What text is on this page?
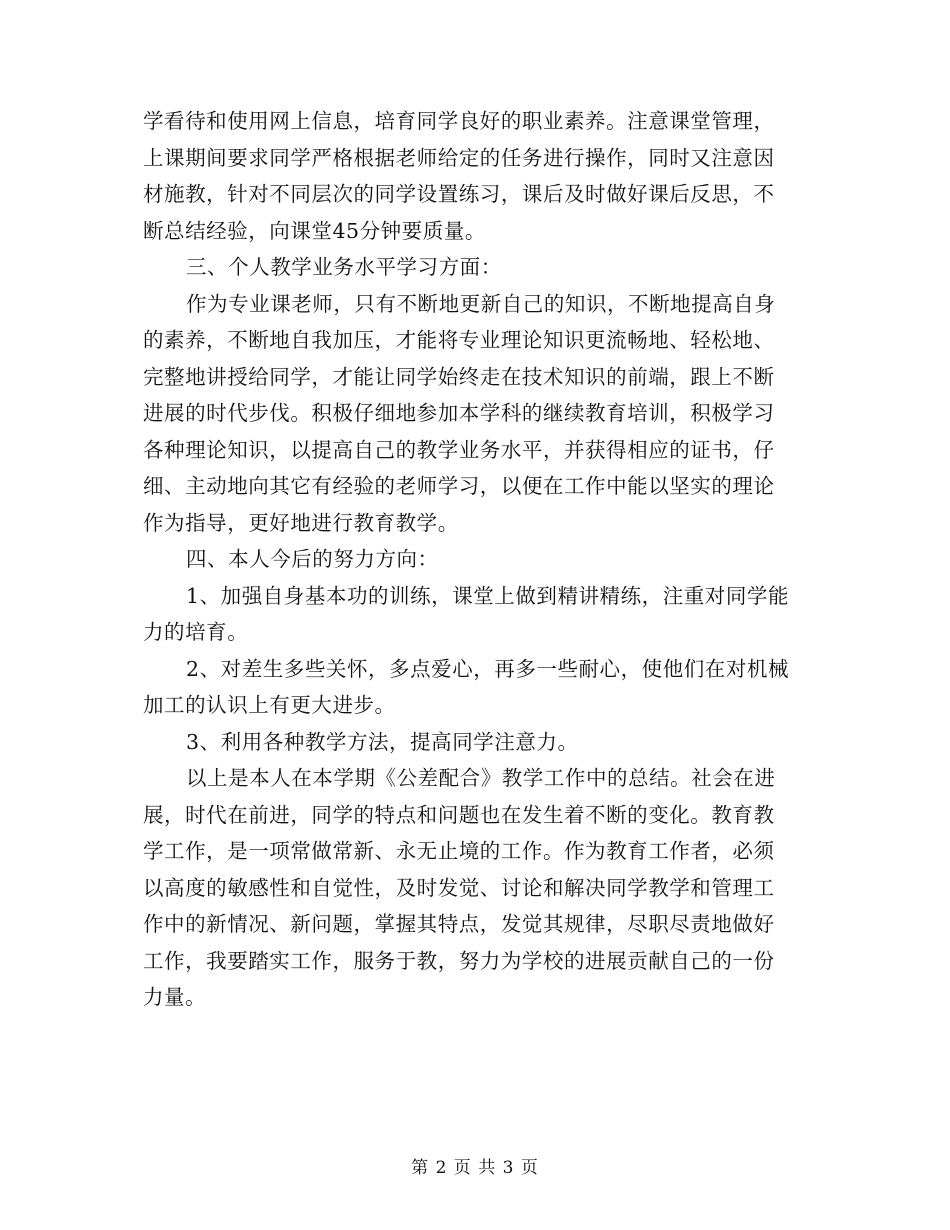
学看待和使用网上信息，培育同学良好的职业素养。注意课堂管理，
上课期间要求同学严格根据老师给定的任务进行操作，同时又注意因
材施教，针对不同层次的同学设置练习，课后及时做好课后反思，不
断总结经验，向课堂45分钟要质量。
三、个人教学业务水平学习方面：
作为专业课老师，只有不断地更新自己的知识，不断地提高自身
的素养，不断地自我加压，才能将专业理论知识更流畅地、轻松地、
完整地讲授给同学，才能让同学始终走在技术知识的前端，跟上不断
进展的时代步伐。积极仔细地参加本学科的继续教育培训，积极学习
各种理论知识，以提高自己的教学业务水平，并获得相应的证书，仔
细、主动地向其它有经验的老师学习，以便在工作中能以坚实的理论
作为指导，更好地进行教育教学。
四、本人今后的努力方向：
1、加强自身基本功的训练，课堂上做到精讲精练，注重对同学能
力的培育。
2、对差生多些关怀，多点爱心，再多一些耐心，使他们在对机械
加工的认识上有更大进步。
3、利用各种教学方法，提高同学注意力。
以上是本人在本学期《公差配合》教学工作中的总结。社会在进
展，时代在前进，同学的特点和问题也在发生着不断的变化。教育教
学工作，是一项常做常新、永无止境的工作。作为教育工作者，必须
以高度的敏感性和自觉性，及时发觉、讨论和解决同学教学和管理工
作中的新情况、新问题，掌握其特点，发觉其规律，尽职尽责地做好
工作，我要踏实工作，服务于教，努力为学校的进展贡献自己的一份
力量。
第 2 页 共 3 页
